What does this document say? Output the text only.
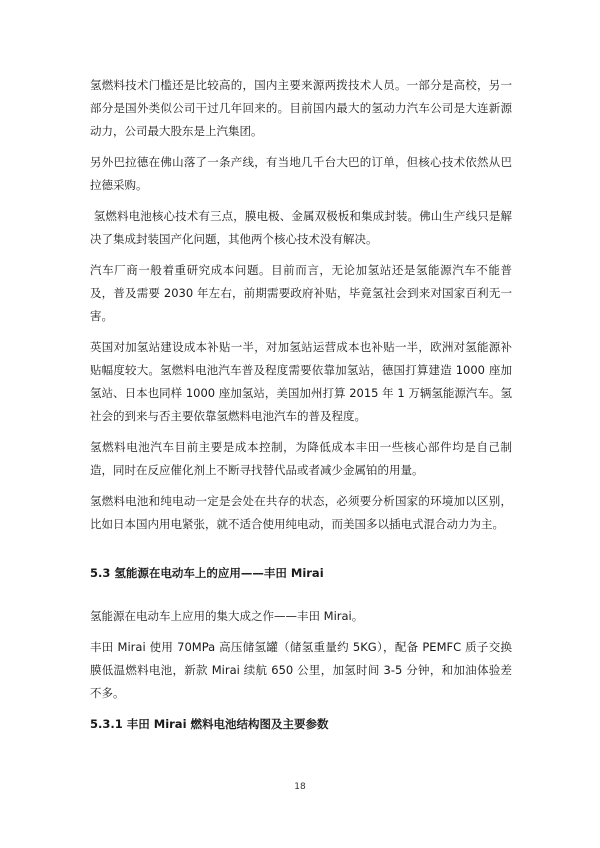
氢燃料技术门槛还是比较高的，国内主要来源两拨技术人员。一部分是高校，另一部分是国外类似公司干过几年回来的。目前国内最大的氢动力汽车公司是大连新源动力，公司最大股东是上汽集团。

另外巴拉德在佛山落了一条产线，有当地几千台大巴的订单，但核心技术依然从巴拉德采购。

氢燃料电池核心技术有三点，膜电极、金属双极板和集成封装。佛山生产线只是解决了集成封装国产化问题，其他两个核心技术没有解决。

汽车厂商一般着重研究成本问题。目前而言，无论加氢站还是氢能源汽车不能普及，普及需要 2030 年左右，前期需要政府补贴，毕竟氢社会到来对国家百利无一害。

英国对加氢站建设成本补贴一半，对加氢站运营成本也补贴一半，欧洲对氢能源补贴幅度较大。氢燃料电池汽车普及程度需要依靠加氢站，德国打算建造 1000 座加氢站、日本也同样 1000 座加氢站，美国加州打算 2015 年 1 万辆氢能源汽车。氢社会的到来与否主要依靠氢燃料电池汽车的普及程度。

氢燃料电池汽车目前主要是成本控制，为降低成本丰田一些核心部件均是自己制造，同时在反应催化剂上不断寻找替代品或者减少金属铂的用量。

氢燃料电池和纯电动一定是会处在共存的状态，必须要分析国家的环境加以区别，比如日本国内用电紧张，就不适合使用纯电动，而美国多以插电式混合动力为主。

5.3 氢能源在电动车上的应用——丰田 Mirai

氢能源在电动车上应用的集大成之作——丰田 Mirai。

丰田 Mirai 使用 70MPa 高压储氢罐（储氢重量约 5KG），配备 PEMFC 质子交换膜低温燃料电池，新款 Mirai 续航 650 公里，加氢时间 3-5 分钟，和加油体验差不多。

5.3.1 丰田 Mirai 燃料电池结构图及主要参数
18
